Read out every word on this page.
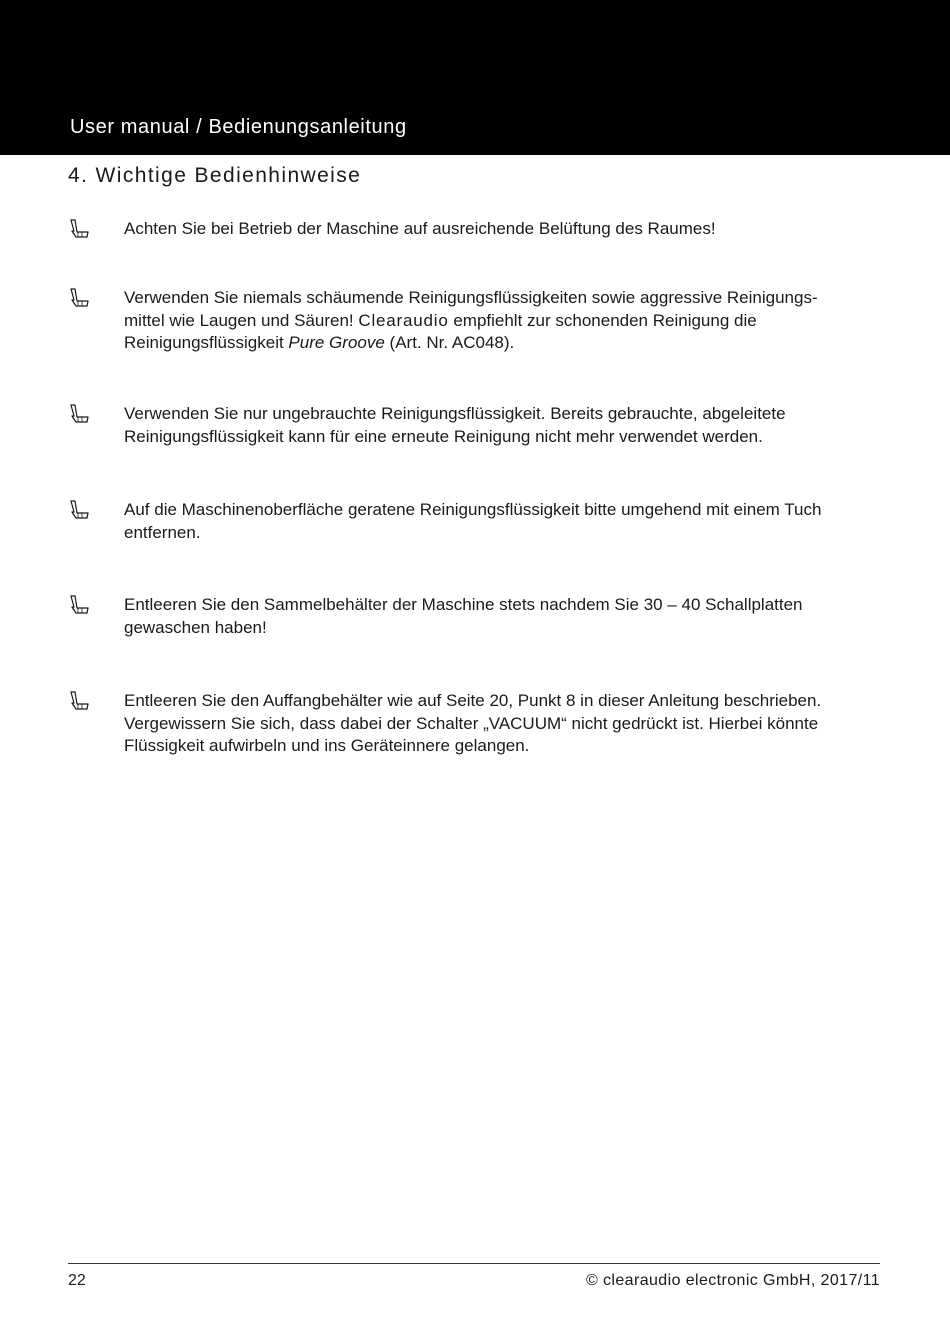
User manual / Bedienungsanleitung
4. Wichtige Bedienhinweise

Achten Sie bei Betrieb der Maschine auf ausreichende Belüftung des Raumes!

Verwenden Sie niemals schäumende Reinigungsflüssigkeiten sowie aggressive Reinigungs-

mittel wie Laugen und Säuren! Clearaudio empfiehlt zur schonenden Reinigung die

Reinigungsflüssigkeit Pure Groove (Art. Nr. AC048).

Verwenden Sie nur ungebrauchte Reinigungsflüssigkeit. Bereits gebrauchte, abgeleitete

Reinigungsflüssigkeit kann für eine erneute Reinigung nicht mehr verwendet werden.

Auf die Maschinenoberfläche geratene Reinigungsflüssigkeit bitte umgehend mit einem Tuch

entfernen.

Entleeren Sie den Sammelbehälter der Maschine stets nachdem Sie 30 – 40 Schallplatten

gewaschen haben!

Entleeren Sie den Auffangbehälter wie auf Seite 20, Punkt 8 in dieser Anleitung beschrieben.

Vergewissern Sie sich, dass dabei der Schalter „VACUUM“ nicht gedrückt ist. Hierbei könnte

Flüssigkeit aufwirbeln und ins Geräteinnere gelangen.

22	© clearaudio electronic GmbH, 2017/11
